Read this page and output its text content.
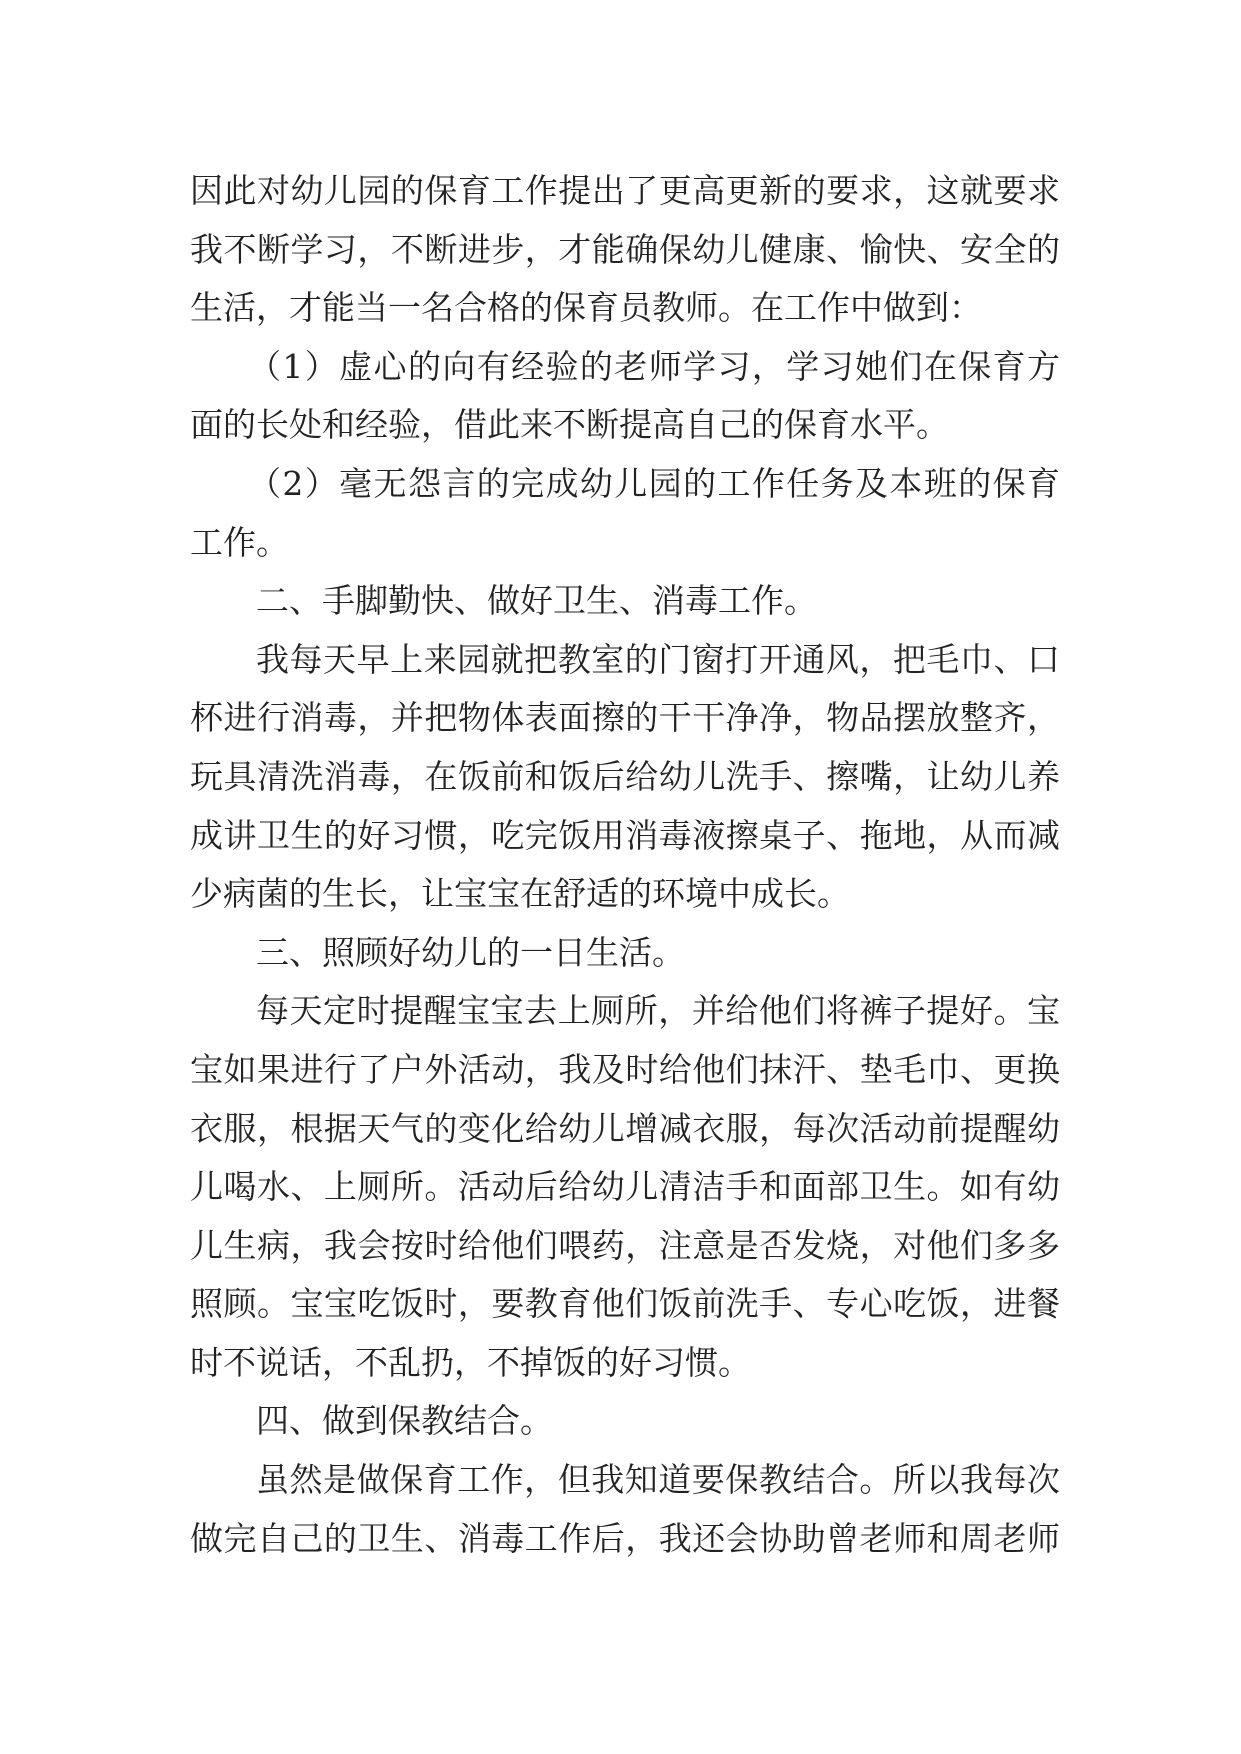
因此对幼儿园的保育工作提出了更高更新的要求，这就要求
我不断学习，不断进步，才能确保幼儿健康、愉快、安全的
生活，才能当一名合格的保育员教师。在工作中做到：
（1）虚心的向有经验的老师学习，学习她们在保育方
面的长处和经验，借此来不断提高自己的保育水平。
（2）毫无怨言的完成幼儿园的工作任务及本班的保育
工作。
二、手脚勤快、做好卫生、消毒工作。
我每天早上来园就把教室的门窗打开通风，把毛巾、口
杯进行消毒，并把物体表面擦的干干净净，物品摆放整齐，
玩具清洗消毒，在饭前和饭后给幼儿洗手、擦嘴，让幼儿养
成讲卫生的好习惯，吃完饭用消毒液擦桌子、拖地，从而减
少病菌的生长，让宝宝在舒适的环境中成长。
三、照顾好幼儿的一日生活。
每天定时提醒宝宝去上厕所，并给他们将裤子提好。宝
宝如果进行了户外活动，我及时给他们抹汗、垫毛巾、更换
衣服，根据天气的变化给幼儿增减衣服，每次活动前提醒幼
儿喝水、上厕所。活动后给幼儿清洁手和面部卫生。如有幼
儿生病，我会按时给他们喂药，注意是否发烧，对他们多多
照顾。宝宝吃饭时，要教育他们饭前洗手、专心吃饭，进餐
时不说话，不乱扔，不掉饭的好习惯。
四、做到保教结合。
虽然是做保育工作，但我知道要保教结合。所以我每次
做完自己的卫生、消毒工作后，我还会协助曾老师和周老师
